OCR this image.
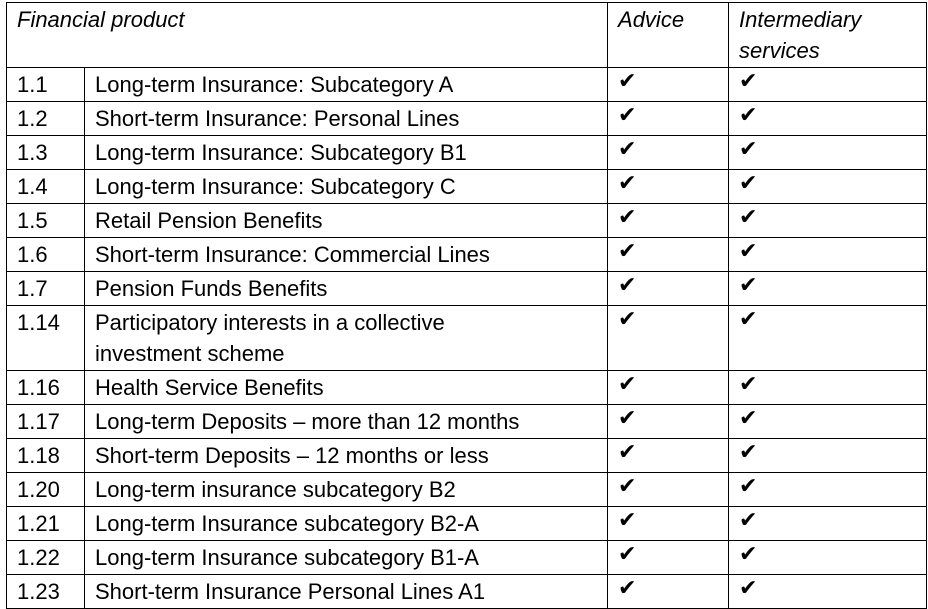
Financial product		Advice	Intermediary
services
1.1	Long-term Insurance: Subcategory A	✔	✔
1.2	Short-term Insurance: Personal Lines	✔	✔
1.3	Long-term Insurance: Subcategory B1	✔	✔
1.4	Long-term Insurance: Subcategory C	✔	✔
1.5	Retail Pension Benefits	✔	✔
1.6	Short-term Insurance: Commercial Lines	✔	✔
1.7	Pension Funds Benefits	✔	✔
1.14	Participatory interests in a collective investment scheme	✔	✔
1.16	Health Service Benefits	✔	✔
1.17	Long-term Deposits – more than 12 months	✔	✔
1.18	Short-term Deposits – 12 months or less	✔	✔
1.20	Long-term insurance subcategory B2	✔	✔
1.21	Long-term Insurance subcategory B2-A	✔	✔
1.22	Long-term Insurance subcategory B1-A	✔	✔
1.23	Short-term Insurance Personal Lines A1	✔	✔
